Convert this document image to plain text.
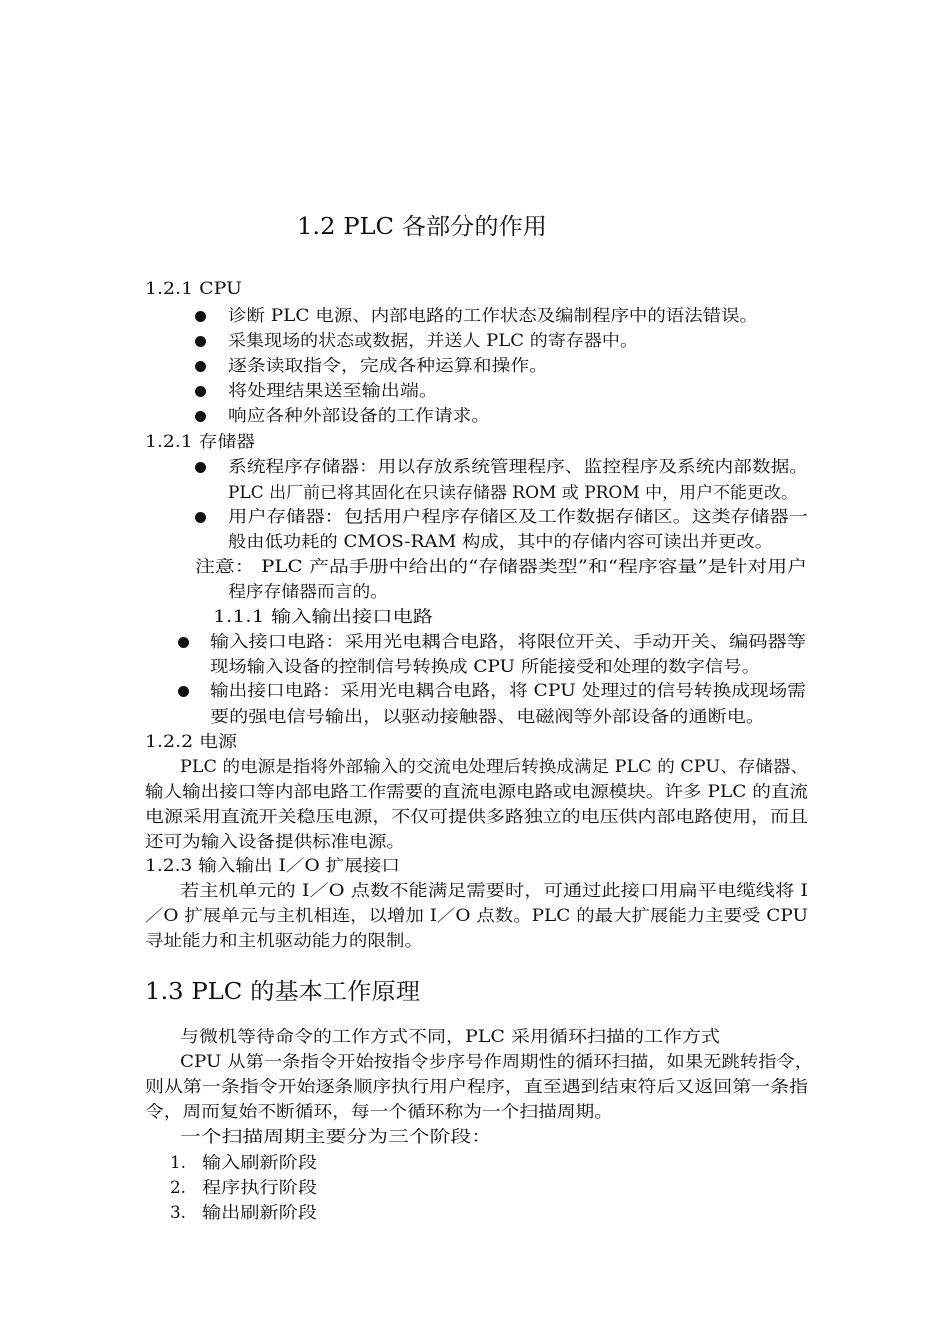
1.2 PLC 各部分的作用
1.2.1 CPU
诊断 PLC 电源、内部电路的工作状态及编制程序中的语法错误。
采集现场的状态或数据，并送人 PLC 的寄存器中。
逐条读取指令，完成各种运算和操作。
将处理结果送至输出端。
响应各种外部设备的工作请求。
1.2.1 存储器
系统程序存储器：用以存放系统管理程序、监控程序及系统内部数据。
PLC 出厂前已将其固化在只读存储器 ROM 或 PROM 中，用户不能更改。
用户存储器：包括用户程序存储区及工作数据存储区。这类存储器一
般由低功耗的 CMOS-RAM 构成，其中的存储内容可读出并更改。
注意： PLC 产品手册中给出的“存储器类型”和“程序容量”是针对用户
程序存储器而言的。
1.1.1 输入输出接口电路
输入接口电路：采用光电耦合电路，将限位开关、手动开关、编码器等
现场输入设备的控制信号转换成 CPU 所能接受和处理的数字信号。
输出接口电路：采用光电耦合电路，将 CPU 处理过的信号转换成现场需
要的强电信号输出，以驱动接触器、电磁阀等外部设备的通断电。
1.2.2 电源
PLC 的电源是指将外部输入的交流电处理后转换成满足 PLC 的 CPU、存储器、
输人输出接口等内部电路工作需要的直流电源电路或电源模块。许多 PLC 的直流
电源采用直流开关稳压电源，不仅可提供多路独立的电压供内部电路使用，而且
还可为输入设备提供标准电源。
1.2.3 输入输出 I／O 扩展接口
若主机单元的 I／O 点数不能满足需要时，可通过此接口用扁平电缆线将 I
／O 扩展单元与主机相连，以增加 I／O 点数。PLC 的最大扩展能力主要受 CPU
寻址能力和主机驱动能力的限制。
1.3 PLC 的基本工作原理
与微机等待命令的工作方式不同，PLC 采用循环扫描的工作方式
CPU 从第一条指令开始按指令步序号作周期性的循环扫描，如果无跳转指令，
则从第一条指令开始逐条顺序执行用户程序，直至遇到结束符后又返回第一条指
令，周而复始不断循环，每一个循环称为一个扫描周期。
一个扫描周期主要分为三个阶段：
1. 输入刷新阶段
2. 程序执行阶段
3. 输出刷新阶段
